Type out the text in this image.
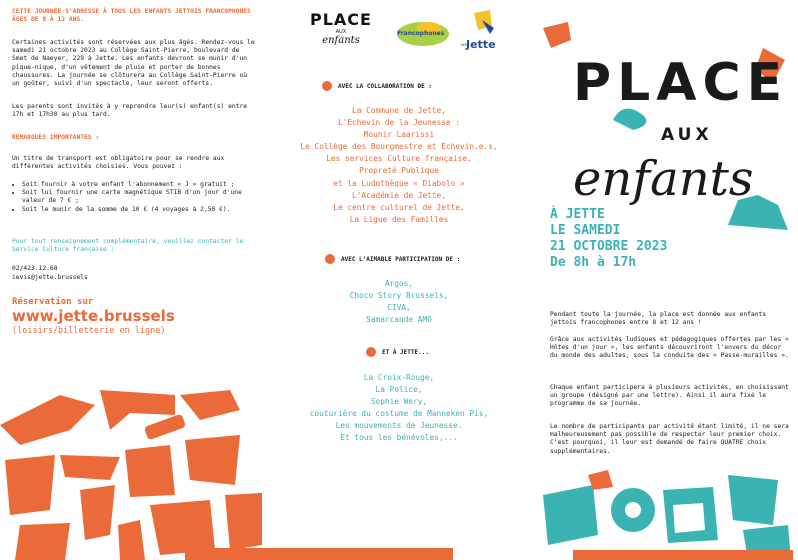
CETTE JOURNÉE S'ADRESSE À TOUS LES ENFANTS JETTOIS FRANCOPHONES ÂGÉS DE 8 À 12 ANS.
Certaines activités sont réservées aux plus âgés. Rendez-vous le samedi 21 octobre 2023 au Collège Saint-Pierre, boulevard de Smet de Naeyer, 229 à Jette. Les enfants devront se munir d'un pique-nique, d'un vêtement de pluie et porter de bonnes chaussures. La journée se clôturera au Collège Saint-Pierre où un goûter, suivi d'un spectacle, leur seront offerts.
Les parents sont invités à y reprendre leur(s) enfant(s) entre 17h et 17h30 au plus tard.
REMARQUES IMPORTANTES :
Un titre de transport est obligatoire pour se rendre aux différentes activités choisies. Vous pouvez :
• Soit fournir à votre enfant l'abonnement « J » gratuit ;
• Soit lui fournir une carte magnétique STIB d'un jour d'une valeur de 7 € ;
• Soit le munir de la somme de 10 € (4 voyages à 2,50 €).
Pour tout renseignement complémentaire, veuillez contacter le Service Culture française :
02/423.12.68
ievis@jette.brussels
Réservation sur
www.jette.brussels
(loisirs/billetterie en ligne)
PLACE
AUX
enfants
Francophones
1090
Jette
AVEC LA COLLABORATION DE :
La Commune de Jette,
L'Echevin de la Jeunesse :
Mounir Laarissi
Le Collège des Bourgmestre et Echevin.e.s,
Les services Culture française,
Propreté Publique
et la Ludothèque « Diabolo »
L'Académie de Jette,
Le centre culturel de Jette,
La Ligue des Familles
AVEC L'AIMABLE PARTICIPATION DE :
Argos,
Choco Story Brussels,
CIVA,
Samarcande AMO
ET À JETTE...
La Croix-Rouge,
La Police,
Sophie Wery,
couturière du costume de Manneken Pis,
Les mouvements de Jeunesse.
Et tous les bénévoles,...
PLACE
AUX
enfants
À JETTE
LE SAMEDI
21 OCTOBRE 2023
De 8h à 17h
Pendant toute la journée, la place est donnée aux enfants jettois francophones entre 8 et 12 ans !
Grâce aux activités ludiques et pédagogiques offertes par les « Hôtes d'un jour », les enfants découvriront l'envers du décor du monde des adultes, sous la conduite des « Passe-murailles ».
Chaque enfant participera à plusieurs activités, en choisissant un groupe (désigné par une lettre). Ainsi il aura fixé le programme de sa journée.
Le nombre de participants par activité étant limité, il ne sera malheureusement pas possible de respecter leur premier choix. C'est pourquoi, il leur est demandé de faire QUATRE choix supplémentaires.
